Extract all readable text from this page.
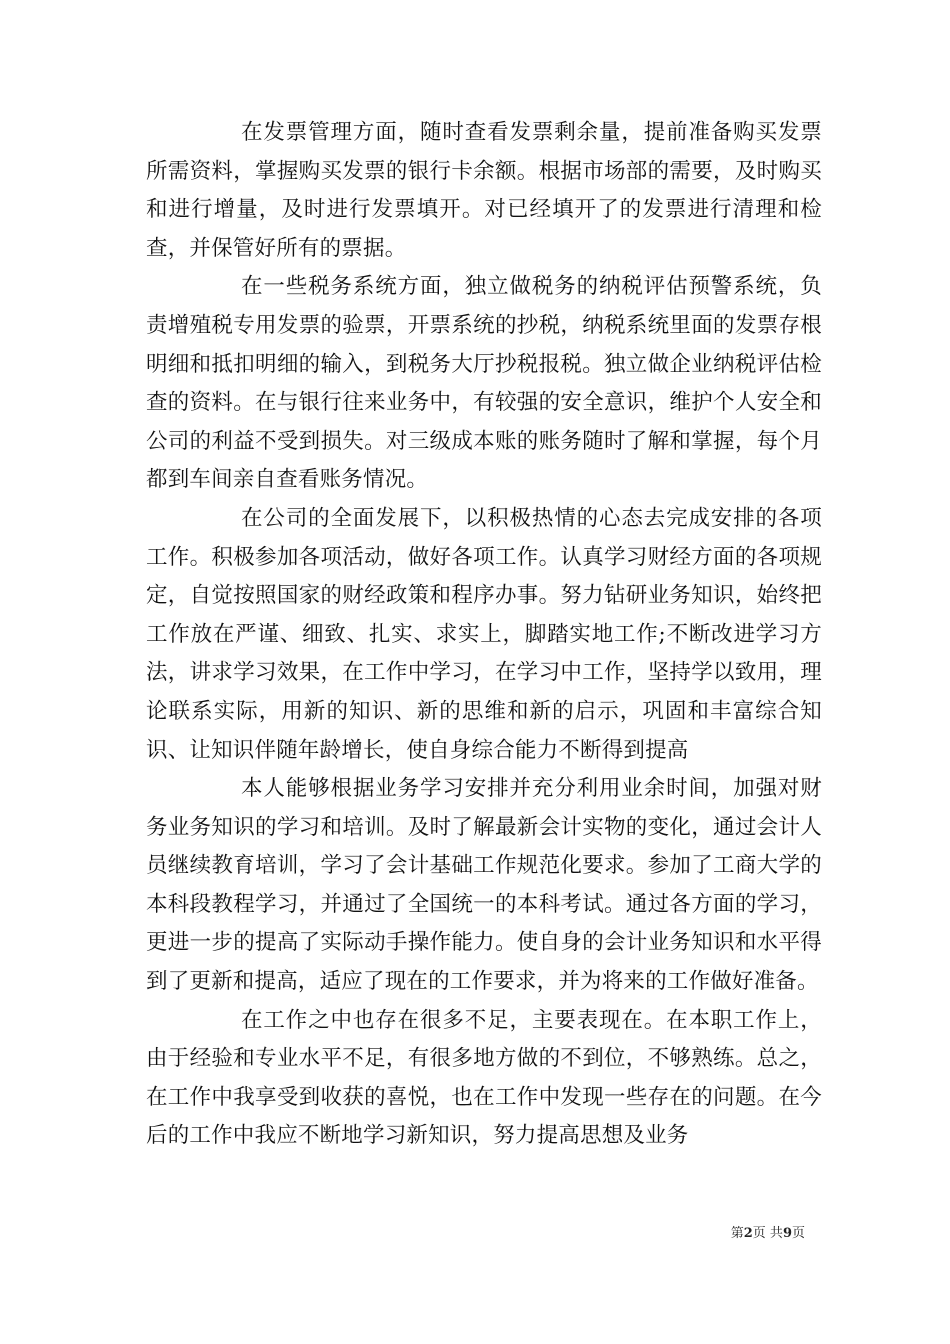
在发票管理方面，随时查看发票剩余量，提前准备购买发票所需资料，掌握购买发票的银行卡余额。根据市场部的需要，及时购买和进行增量，及时进行发票填开。对已经填开了的发票进行清理和检查，并保管好所有的票据。

在一些税务系统方面，独立做税务的纳税评估预警系统，负责增殖税专用发票的验票，开票系统的抄税，纳税系统里面的发票存根明细和抵扣明细的输入，到税务大厅抄税报税。独立做企业纳税评估检查的资料。在与银行往来业务中，有较强的安全意识，维护个人安全和公司的利益不受到损失。对三级成本账的账务随时了解和掌握，每个月都到车间亲自查看账务情况。

在公司的全面发展下，以积极热情的心态去完成安排的各项工作。积极参加各项活动，做好各项工作。认真学习财经方面的各项规定，自觉按照国家的财经政策和程序办事。努力钻研业务知识，始终把工作放在严谨、细致、扎实、求实上，脚踏实地工作;不断改进学习方法，讲求学习效果，在工作中学习，在学习中工作，坚持学以致用，理论联系实际，用新的知识、新的思维和新的启示，巩固和丰富综合知识、让知识伴随年龄增长，使自身综合能力不断得到提高

本人能够根据业务学习安排并充分利用业余时间，加强对财务业务知识的学习和培训。及时了解最新会计实物的变化，通过会计人员继续教育培训，学习了会计基础工作规范化要求。参加了工商大学的本科段教程学习，并通过了全国统一的本科考试。通过各方面的学习，更进一步的提高了实际动手操作能力。使自身的会计业务知识和水平得到了更新和提高，适应了现在的工作要求，并为将来的工作做好准备。

在工作之中也存在很多不足，主要表现在。在本职工作上，由于经验和专业水平不足，有很多地方做的不到位，不够熟练。总之，在工作中我享受到收获的喜悦，也在工作中发现一些存在的问题。在今后的工作中我应不断地学习新知识，努力提高思想及业务

第2页 共9页
